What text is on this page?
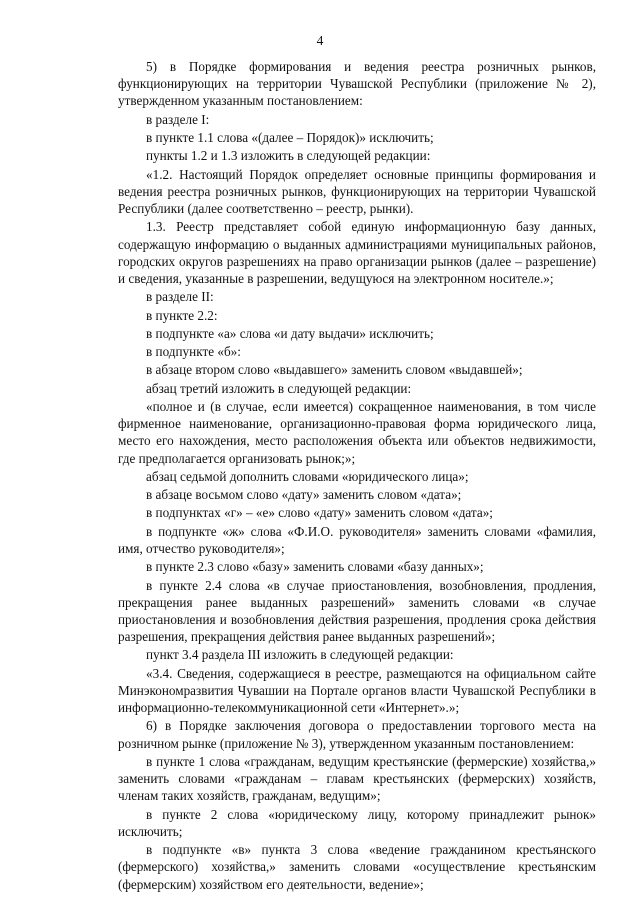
4

5) в Порядке формирования и ведения реестра розничных рынков, функционирующих на территории Чувашской Республики (приложение № 2), утвержденном указанным постановлением:

в разделе I:

в пункте 1.1 слова «(далее – Порядок)» исключить;

пункты 1.2 и 1.3 изложить в следующей редакции:

«1.2. Настоящий Порядок определяет основные принципы формирования и ведения реестра розничных рынков, функционирующих на территории Чувашской Республики (далее соответственно – реестр, рынки).

1.3. Реестр представляет собой единую информационную базу данных, содержащую информацию о выданных администрациями муниципальных районов, городских округов разрешениях на право организации рынков (далее – разрешение) и сведения, указанные в разрешении, ведущуюся на электронном носителе.»;

в разделе II:

в пункте 2.2:

в подпункте «а» слова «и дату выдачи» исключить;

в подпункте «б»:

в абзаце втором слово «выдавшего» заменить словом «выдавшей»;

абзац третий изложить в следующей редакции:

«полное и (в случае, если имеется) сокращенное наименования, в том числе фирменное наименование, организационно-правовая форма юридического лица, место его нахождения, место расположения объекта или объектов недвижимости, где предполагается организовать рынок;»;

абзац седьмой дополнить словами «юридического лица»;

в абзаце восьмом слово «дату» заменить словом «дата»;

в подпунктах «г» – «е» слово «дату» заменить словом «дата»;

в подпункте «ж» слова «Ф.И.О. руководителя» заменить словами «фамилия, имя, отчество руководителя»;

в пункте 2.3 слово «базу» заменить словами «базу данных»;

в пункте 2.4 слова «в случае приостановления, возобновления, продления, прекращения ранее выданных разрешений» заменить словами «в случае приостановления и возобновления действия разрешения, продления срока действия разрешения, прекращения действия ранее выданных разрешений»;

пункт 3.4 раздела III изложить в следующей редакции:

«3.4. Сведения, содержащиеся в реестре, размещаются на официальном сайте Минэкономразвития Чувашии на Портале органов власти Чувашской Республики в информационно-телекоммуникационной сети «Интернет».»;

6) в Порядке заключения договора о предоставлении торгового места на розничном рынке (приложение № 3), утвержденном указанным постановлением:

в пункте 1 слова «гражданам, ведущим крестьянские (фермерские) хозяйства,» заменить словами «гражданам – главам крестьянских (фермерских) хозяйств, членам таких хозяйств, гражданам, ведущим»;

в пункте 2 слова «юридическому лицу, которому принадлежит рынок» исключить;

в подпункте «в» пункта 3 слова «ведение гражданином крестьянского (фермерского) хозяйства,» заменить словами «осуществление крестьянским (фермерским) хозяйством его деятельности, ведение»;
